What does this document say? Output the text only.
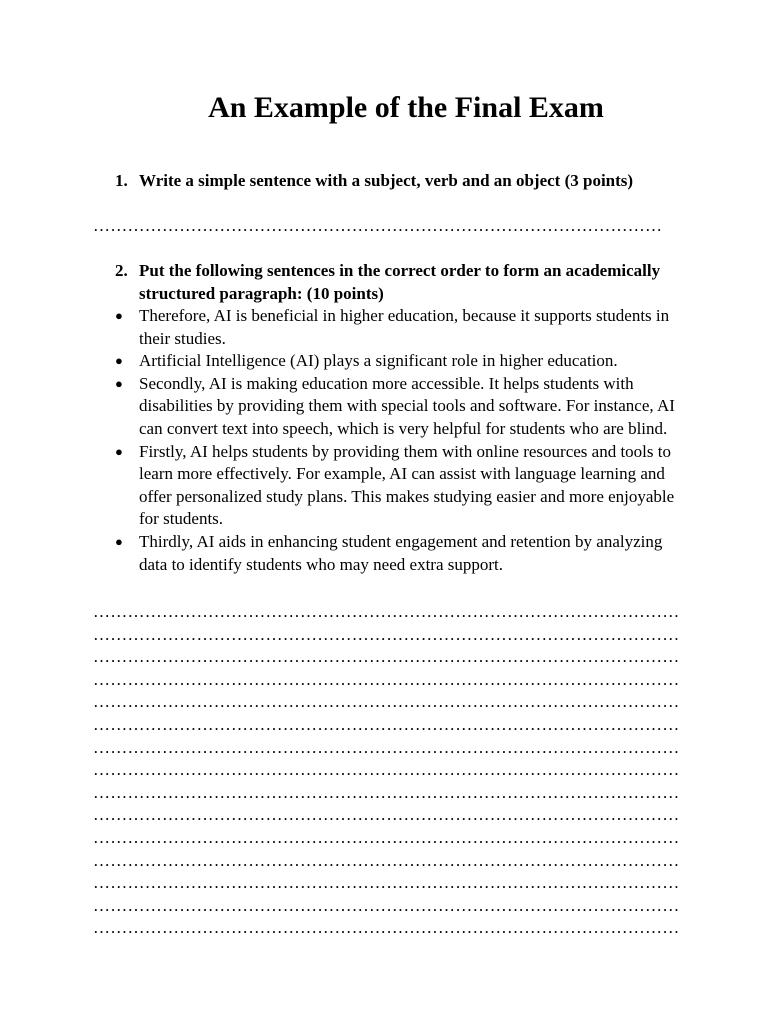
An Example of the Final Exam
1. Write a simple sentence with a subject, verb and an object (3 points)
………………………………………………………………………………………
2. Put the following sentences in the correct order to form an academically structured paragraph: (10 points)
● Therefore, AI is beneficial in higher education, because it supports students in their studies.
● Artificial Intelligence (AI) plays a significant role in higher education.
● Secondly, AI is making education more accessible. It helps students with disabilities by providing them with special tools and software. For instance, AI can convert text into speech, which is very helpful for students who are blind.
● Firstly, AI helps students by providing them with online resources and tools to learn more effectively. For example, AI can assist with language learning and offer personalized study plans. This makes studying easier and more enjoyable for students.
● Thirdly, AI aids in enhancing student engagement and retention by analyzing data to identify students who may need extra support.
…………………………………………………………………………………………
…………………………………………………………………………………………
…………………………………………………………………………………………
…………………………………………………………………………………………
…………………………………………………………………………………………
…………………………………………………………………………………………
…………………………………………………………………………………………
…………………………………………………………………………………………
…………………………………………………………………………………………
…………………………………………………………………………………………
…………………………………………………………………………………………
…………………………………………………………………………………………
…………………………………………………………………………………………
…………………………………………………………………………………………
…………………………………………………………………………………………
